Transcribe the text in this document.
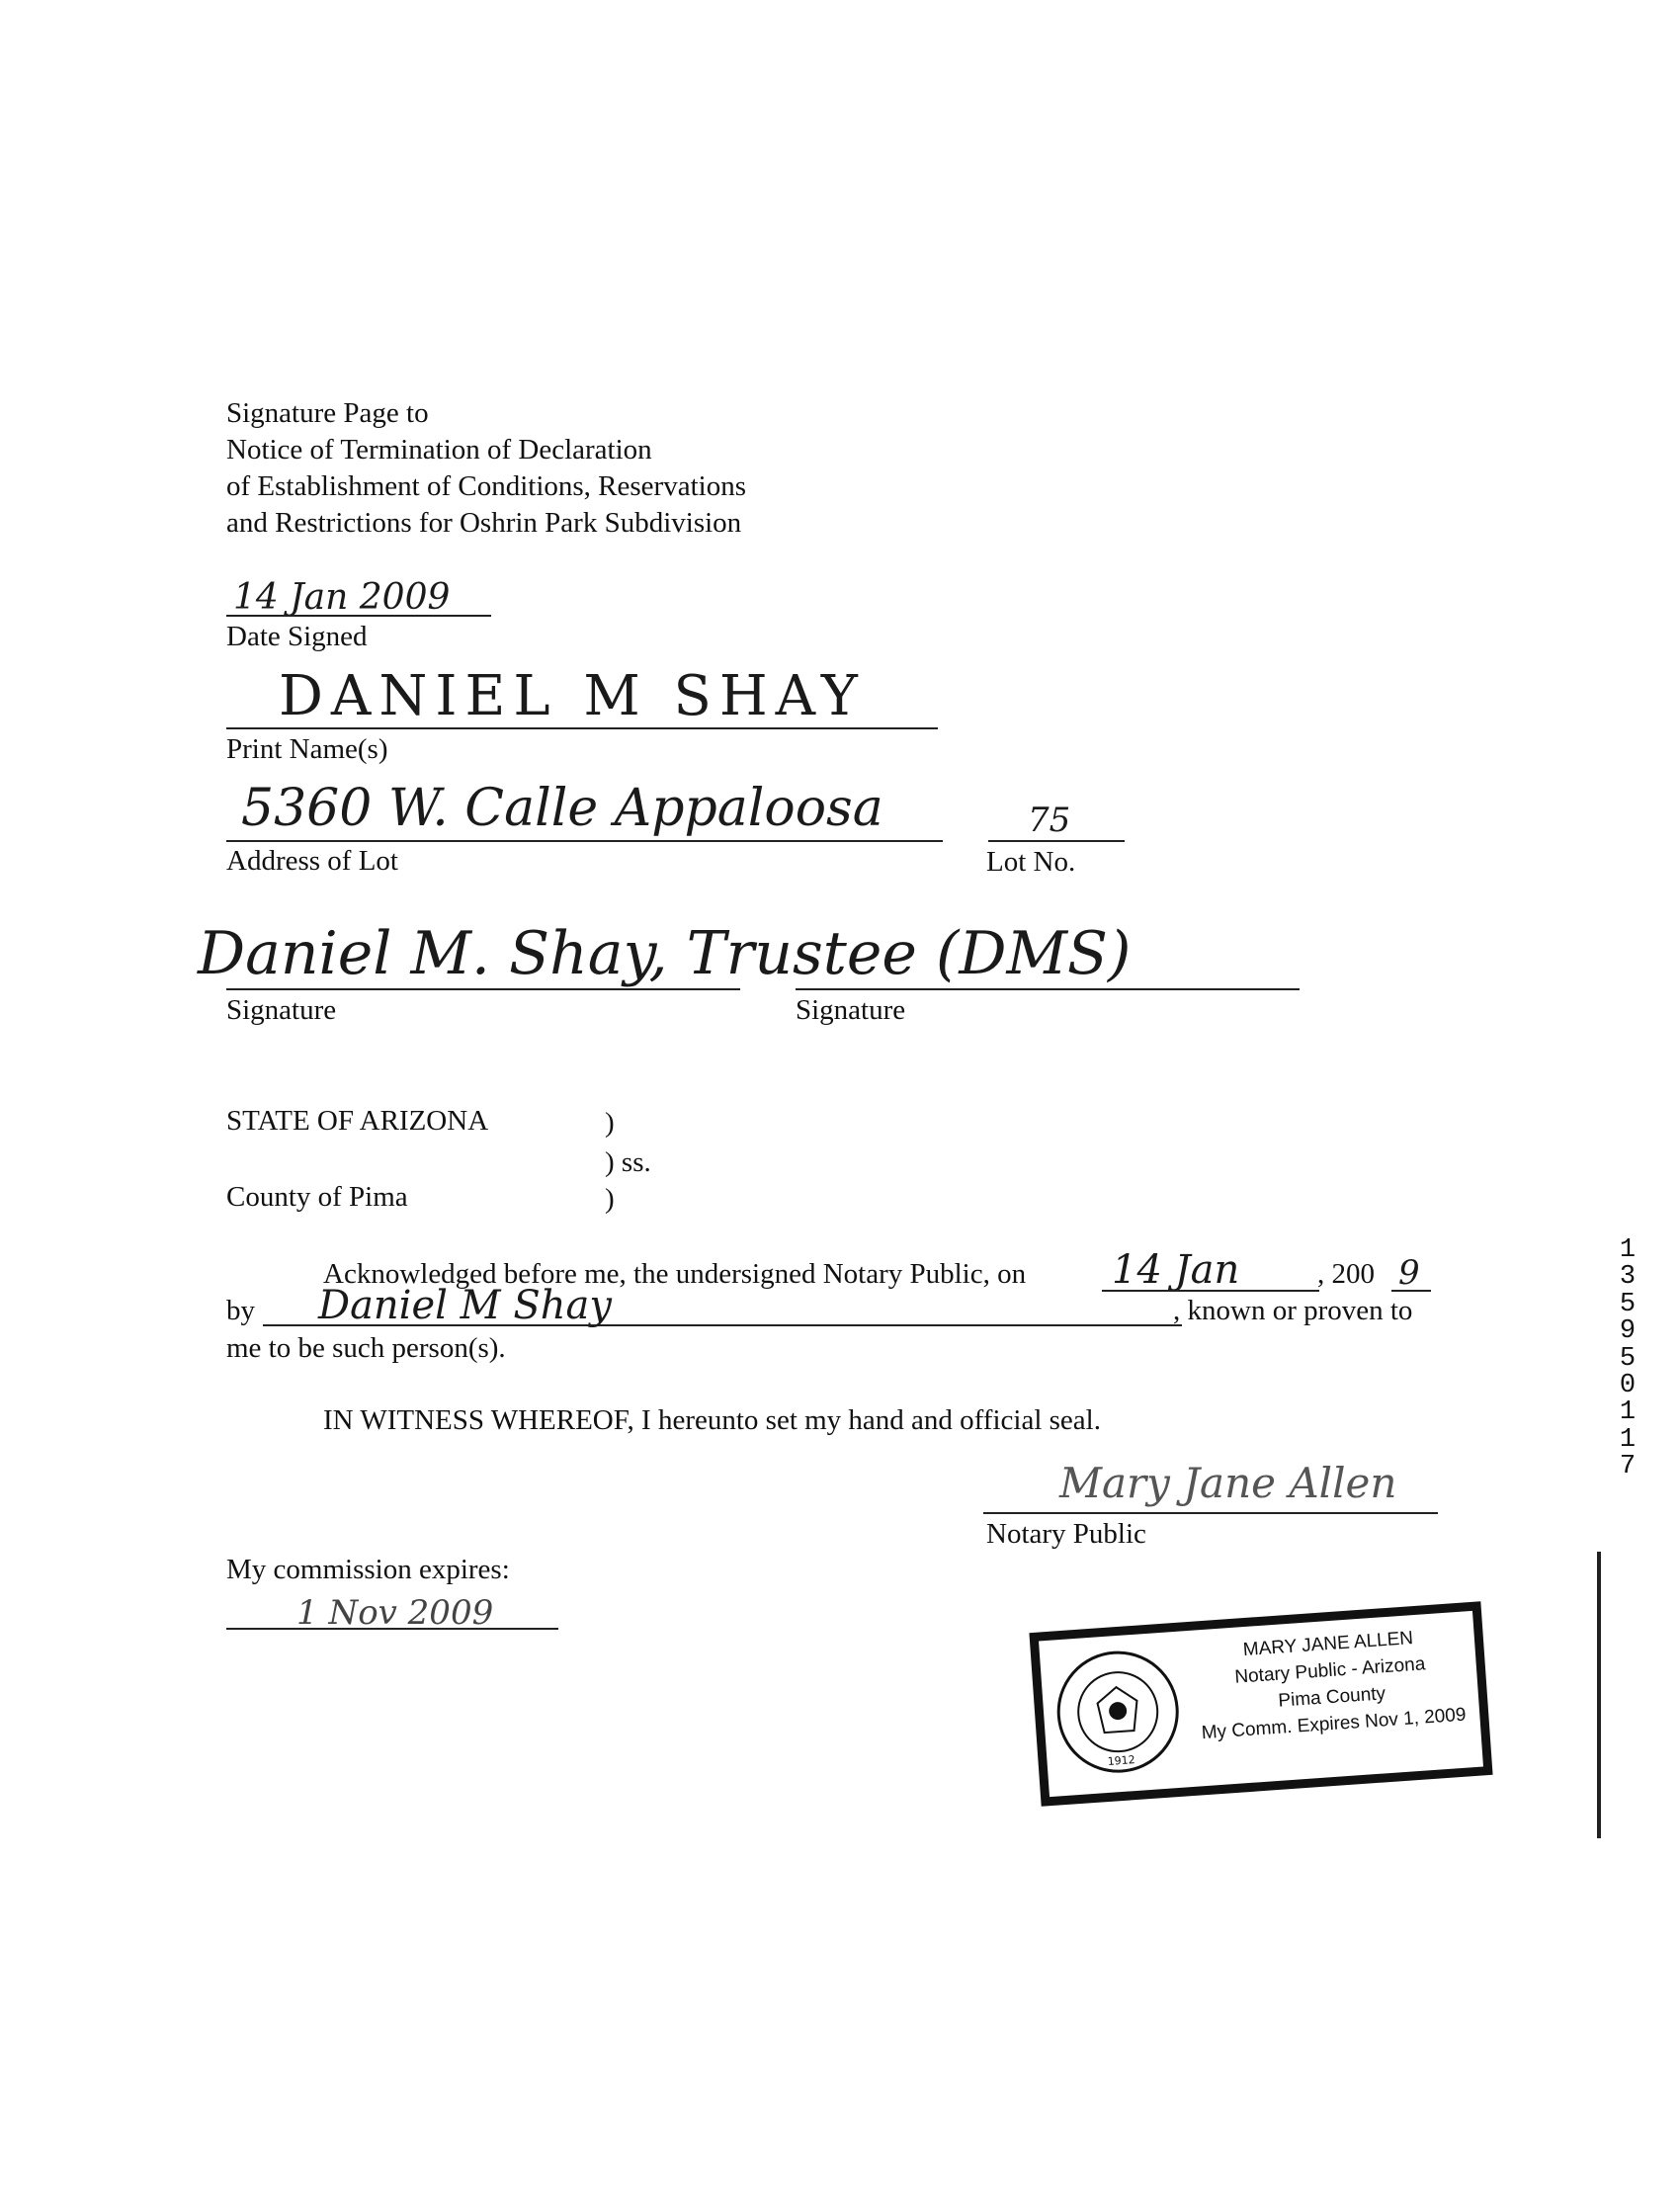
Signature Page to
Notice of Termination of Declaration
of Establishment of Conditions, Reservations
and Restrictions for Oshrin Park Subdivision
14 Jan 2009
Date Signed
DANIEL M SHAY
Print Name(s)
5360 W. Calle Appaloosa
Address of Lot
75
Lot No.
Daniel M. Shay, Trustee (DMS)
Signature	Signature
STATE OF ARIZONA	)
) ss.
County of Pima	)
Acknowledged before me, the undersigned Notary Public, on 14 Jan	, 200 9
by Daniel M Shay	, known or proven to
me to be such person(s).
IN WITNESS WHEREOF, I hereunto set my hand and official seal.
Mary Jane Allen
Notary Public
My commission expires:
1 Nov 2009
1912
MARY JANE ALLEN
Notary Public - Arizona
Pima County
My Comm. Expires Nov 1, 2009
13595 0117
